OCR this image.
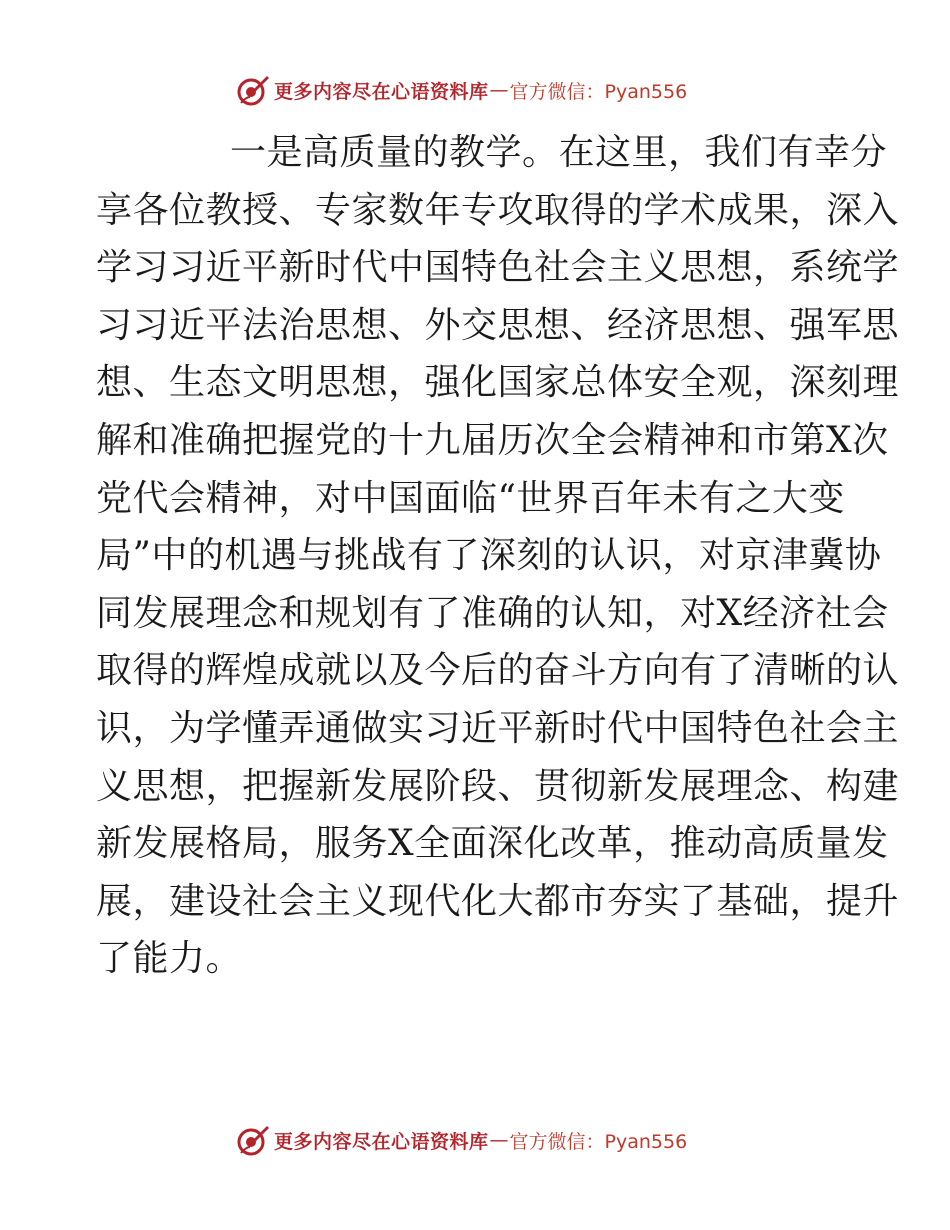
更多内容尽在心语资料库 — 官方微信：Pyan556
一是高质量的教学。在这里，我们有幸分
享各位教授、专家数年专攻取得的学术成果，深入
学习习近平新时代中国特色社会主义思想，系统学
习习近平法治思想、外交思想、经济思想、强军思
想、生态文明思想，强化国家总体安全观，深刻理
解和准确把握党的十九届历次全会精神和市第X次
党代会精神，对中国面临“世界百年未有之大变
局”中的机遇与挑战有了深刻的认识，对京津冀协
同发展理念和规划有了准确的认知，对X经济社会
取得的辉煌成就以及今后的奋斗方向有了清晰的认
识，为学懂弄通做实习近平新时代中国特色社会主
义思想，把握新发展阶段、贯彻新发展理念、构建
新发展格局，服务X全面深化改革，推动高质量发
展，建设社会主义现代化大都市夯实了基础，提升
了能力。
更多内容尽在心语资料库 — 官方微信：Pyan556
